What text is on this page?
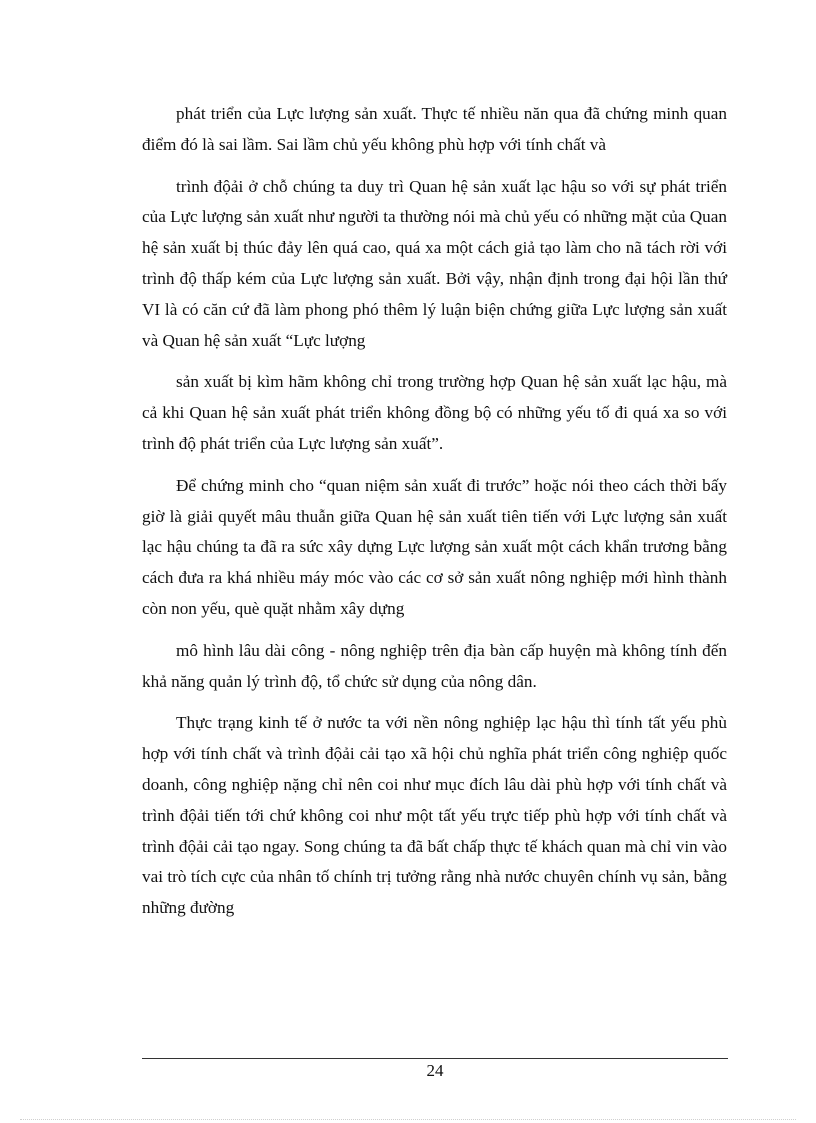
phát triển của Lực lượng sản xuất. Thực tế nhiều năn qua đã chứng minh quan điểm đó là sai lầm. Sai lầm chủ yếu không phù hợp với tính chất và

trình độải ở chỗ chúng ta duy trì Quan hệ sản xuất lạc hậu so với sự phát triển của Lực lượng sản xuất như người ta thường nói mà chủ yếu có những mặt của Quan hệ sản xuất bị thúc đảy lên quá cao, quá xa một cách giả tạo làm cho nã tách rời với trình độ thấp kém của Lực lượng sản xuất. Bởi vậy, nhận định trong đại hội lần thứ VI là có căn cứ đã làm phong phó thêm lý luận biện chứng giữa Lực lượng sản xuất và Quan hệ sản xuất “Lực lượng

sản xuất bị kìm hãm không chỉ trong trường hợp Quan hệ sản xuất lạc hậu, mà cả khi Quan hệ sản xuất phát triển không đồng bộ có những yếu tố đi quá xa so với trình độ phát triển của Lực lượng sản xuất”.

Để chứng minh cho “quan niệm sản xuất đi trước” hoặc nói theo cách thời bấy giờ là giải quyết mâu thuẫn giữa Quan hệ sản xuất tiên tiến với Lực lượng sản xuất lạc hậu chúng ta đã ra sức xây dựng Lực lượng sản xuất một cách khẩn trương bằng cách đưa ra khá nhiều máy móc vào các cơ sở sản xuất nông nghiệp mới hình thành còn non yếu, què quặt nhằm xây dựng

mô hình lâu dài công - nông nghiệp trên địa bàn cấp huyện mà không tính đến khả năng quản lý trình độ, tổ chức sử dụng của nông dân.

Thực trạng kinh tế ở nước ta với nền nông nghiệp lạc hậu thì tính tất yếu phù hợp với tính chất và trình độải cải tạo xã hội chủ nghĩa phát triển công nghiệp quốc doanh, công nghiệp nặng chỉ nên coi như mục đích lâu dài phù hợp với tính chất và trình độải tiến tới chứ không coi như một tất yếu trực tiếp phù hợp với tính chất và trình độải cải tạo ngay. Song chúng ta đã bất chấp thực tế khách quan mà chỉ vin vào vai trò tích cực của nhân tố chính trị tưởng rằng nhà nước chuyên chính vụ sản, bằng những đường

24
